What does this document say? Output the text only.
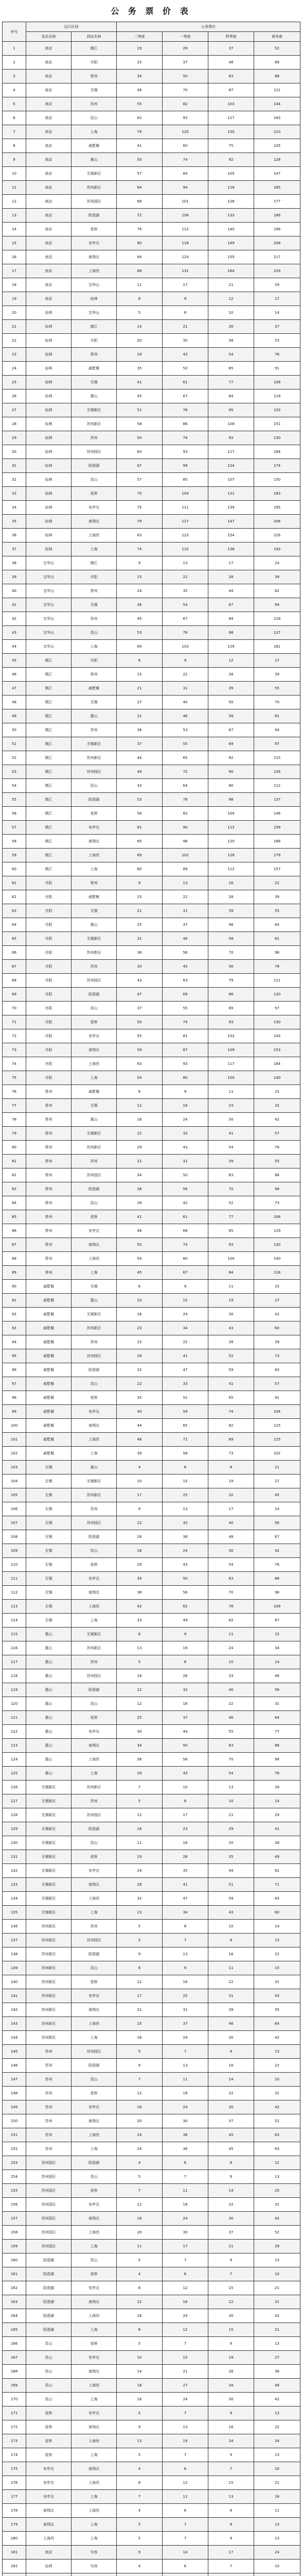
公 务 票 价 表
序号	运行区间		公务票价			
	发站名称	到站名称	二等座	一等座	特等座	商务座
1	南京	镇江	19	29	37	52
2	南京	丹阳	25	37	48	68
3	南京	常州	34	50	63	88
4	南京	无锡	46	70	87	121
5	南京	苏州	55	82	103	144
6	南京	昆山	62	93	117	163
7	南京	上海	79	120	150	210
8	南京	戚墅堰	41	60	75	105
9	南京	惠山	50	74	92	128
10	南京	无锡新区	57	84	105	147
11	南京	苏州新区	64	94	118	165
12	南京	苏州园区	68	101	126	177
13	南京	阳澄湖	72	106	133	186
14	南京	花桥	76	112	140	196
15	南京	安亭北	80	119	149	208
16	南京	南翔北	84	124	155	217
17	南京	上海西	88	131	164	229
18	南京	宝华山	11	17	21	29
19	南京	仙林	6	9	12	17
20	仙林	宝华山	5	8	10	14
21	仙林	镇江	14	21	26	37
22	仙林	丹阳	20	30	38	53
23	仙林	常州	29	43	54	76
24	仙林	戚墅堰	35	52	65	91
25	仙林	无锡	41	61	77	108
26	仙林	惠山	45	67	84	118
27	仙林	无锡新区	51	76	95	133
28	仙林	苏州新区	58	86	108	151
29	仙林	苏州	50	74	93	130
30	仙林	苏州园区	63	93	117	164
31	仙林	阳澄湖	67	99	124	174
32	仙林	昆山	57	85	107	150
33	仙林	花桥	70	104	131	183
34	仙林	安亭北	75	111	139	195
35	仙林	南翔北	79	117	147	206
36	仙林	上海西	83	123	154	216
37	仙林	上海	74	110	138	193
38	宝华山	镇江	9	13	17	24
39	宝华山	丹阳	15	22	28	39
40	宝华山	常州	24	35	44	62
41	宝华山	无锡	36	54	67	94
42	宝华山	苏州	45	67	84	118
43	宝华山	昆山	53	78	98	137
44	宝华山	上海	69	103	129	181
45	镇江	丹阳	6	9	12	17
46	镇江	常州	15	22	28	39
47	镇江	戚墅堰	21	31	39	55
48	镇江	无锡	27	40	50	70
49	镇江	惠山	31	46	58	81
50	镇江	苏州	36	53	67	94
51	镇江	无锡新区	37	55	69	97
52	镇江	苏州新区	44	65	82	115
53	镇江	苏州园区	49	72	90	126
54	镇江	昆山	43	64	80	112
55	镇江	阳澄湖	53	78	98	137
56	镇江	花桥	56	83	104	146
57	镇江	安亭北	61	90	113	158
58	镇江	南翔北	65	96	120	168
59	镇江	上海西	69	102	128	179
60	镇江	上海	60	89	112	157
61	丹阳	常州	9	13	16	22
62	丹阳	戚墅堰	15	22	28	39
63	丹阳	无锡	21	31	39	55
64	丹阳	惠山	25	37	46	64
65	丹阳	无锡新区	31	46	58	81
66	丹阳	苏州新区	38	56	70	98
67	丹阳	苏州	30	45	56	78
68	丹阳	苏州园区	43	63	79	111
69	丹阳	阳澄湖	47	69	86	120
70	丹阳	昆山	37	55	69	97
71	丹阳	花桥	50	74	93	130
72	丹阳	安亭北	55	81	102	143
73	丹阳	南翔北	59	87	109	153
74	丹阳	上海西	63	93	117	164
75	丹阳	上海	54	80	100	140
76	常州	戚墅堰	6	9	11	15
77	常州	无锡	12	18	23	32
78	常州	惠山	16	24	30	42
79	常州	无锡新区	22	33	41	57
80	常州	苏州新区	29	43	54	76
81	常州	苏州	21	31	39	55
82	常州	苏州园区	34	50	63	88
83	常州	阳澄湖	38	56	70	98
84	常州	昆山	28	42	52	73
85	常州	花桥	41	61	77	108
86	常州	安亭北	46	68	85	119
87	常州	南翔北	50	74	93	130
88	常州	上海西	54	80	100	140
89	常州	上海	45	67	84	118
90	戚墅堰	无锡	6	9	11	15
91	戚墅堰	惠山	10	15	19	27
92	戚墅堰	无锡新区	16	24	30	42
93	戚墅堰	苏州新区	23	34	43	60
94	戚墅堰	苏州	15	22	28	39
95	戚墅堰	苏州园区	28	41	52	73
96	戚墅堰	阳澄湖	32	47	59	83
97	戚墅堰	昆山	22	33	41	57
98	戚墅堰	花桥	35	52	65	91
99	戚墅堰	安亭北	40	59	74	104
100	戚墅堰	南翔北	44	65	82	115
101	戚墅堰	上海西	48	71	89	125
102	戚墅堰	上海	39	58	73	102
103	无锡	惠山	4	6	8	11
104	无锡	无锡新区	10	15	19	27
105	无锡	苏州新区	17	25	32	45
106	无锡	苏州	9	13	17	24
107	无锡	苏州园区	22	32	40	56
108	无锡	阳澄湖	26	38	48	67
109	无锡	昆山	16	24	30	42
110	无锡	花桥	29	43	54	76
111	无锡	安亭北	34	50	63	88
112	无锡	南翔北	38	56	70	98
113	无锡	上海西	42	62	78	109
114	无锡	上海	33	49	62	87
115	惠山	无锡新区	6	9	11	15
116	惠山	苏州新区	13	19	24	34
117	惠山	苏州	5	8	10	14
118	惠山	苏州园区	18	26	33	46
119	惠山	阳澄湖	22	32	40	56
120	惠山	昆山	12	18	22	31
121	惠山	花桥	25	37	46	64
122	惠山	安亭北	30	44	55	77
123	惠山	南翔北	34	50	63	88
124	惠山	上海西	38	56	70	98
125	惠山	上海	29	43	54	76
126	无锡新区	苏州新区	7	10	13	18
127	无锡新区	苏州	5	8	10	14
128	无锡新区	苏州园区	12	17	21	29
129	无锡新区	阳澄湖	16	23	29	41
130	无锡新区	昆山	11	16	20	28
131	无锡新区	花桥	19	28	35	49
132	无锡新区	安亭北	24	35	44	62
133	无锡新区	南翔北	28	41	51	71
134	无锡新区	上海西	32	47	59	83
135	无锡新区	上海	23	34	43	60
136	苏州新区	苏州	5	8	10	14
137	苏州新区	苏州园区	5	7	9	13
138	苏州新区	阳澄湖	9	13	16	22
139	苏州新区	昆山	6	9	11	15
140	苏州新区	花桥	12	18	22	31
141	苏州新区	安亭北	17	25	31	43
142	苏州新区	南翔北	21	31	39	55
143	苏州新区	上海西	25	37	46	64
144	苏州新区	上海	16	24	30	42
145	苏州	苏州园区	5	7	9	13
146	苏州	阳澄湖	9	13	16	22
147	苏州	昆山	7	11	14	20
148	苏州	花桥	12	18	22	31
149	苏州	安亭北	16	24	30	42
150	苏州	南翔北	20	30	37	52
151	苏州	上海西	24	36	45	63
152	苏州	上海	24	36	45	63
153	苏州园区	阳澄湖	4	6	8	11
154	苏州园区	昆山	5	7	9	13
155	苏州园区	花桥	7	11	14	20
156	苏州园区	安亭北	12	18	22	31
157	苏州园区	南翔北	16	24	30	42
158	苏州园区	上海西	20	30	37	52
159	苏州园区	上海	11	17	21	29
160	阳澄湖	昆山	5	7	9	13
161	阳澄湖	花桥	4	6	7	10
162	阳澄湖	安亭北	8	12	15	21
163	阳澄湖	南翔北	12	18	22	31
164	阳澄湖	上海西	16	24	30	42
165	阳澄湖	上海	8	12	15	21
166	昆山	花桥	5	7	9	13
167	昆山	安亭北	10	15	19	27
168	昆山	南翔北	14	21	26	36
169	昆山	上海西	18	27	34	48
170	昆山	上海	16	24	30	42
171	花桥	安亭北	5	7	9	13
172	花桥	南翔北	9	13	16	22
173	花桥	上海西	13	19	24	34
174	花桥	上海	5	7	9	13
175	安亭北	南翔北	4	6	7	10
176	安亭北	上海西	8	12	15	21
177	安亭北	上海	7	11	13	18
178	南翔北	上海西	4	6	8	11
179	南翔北	上海	5	7	9	13
180	上海西	上海	5	7	9	13
181	南京	句容	9	14	17	24
182	仙林	句容	4	6	7	10
